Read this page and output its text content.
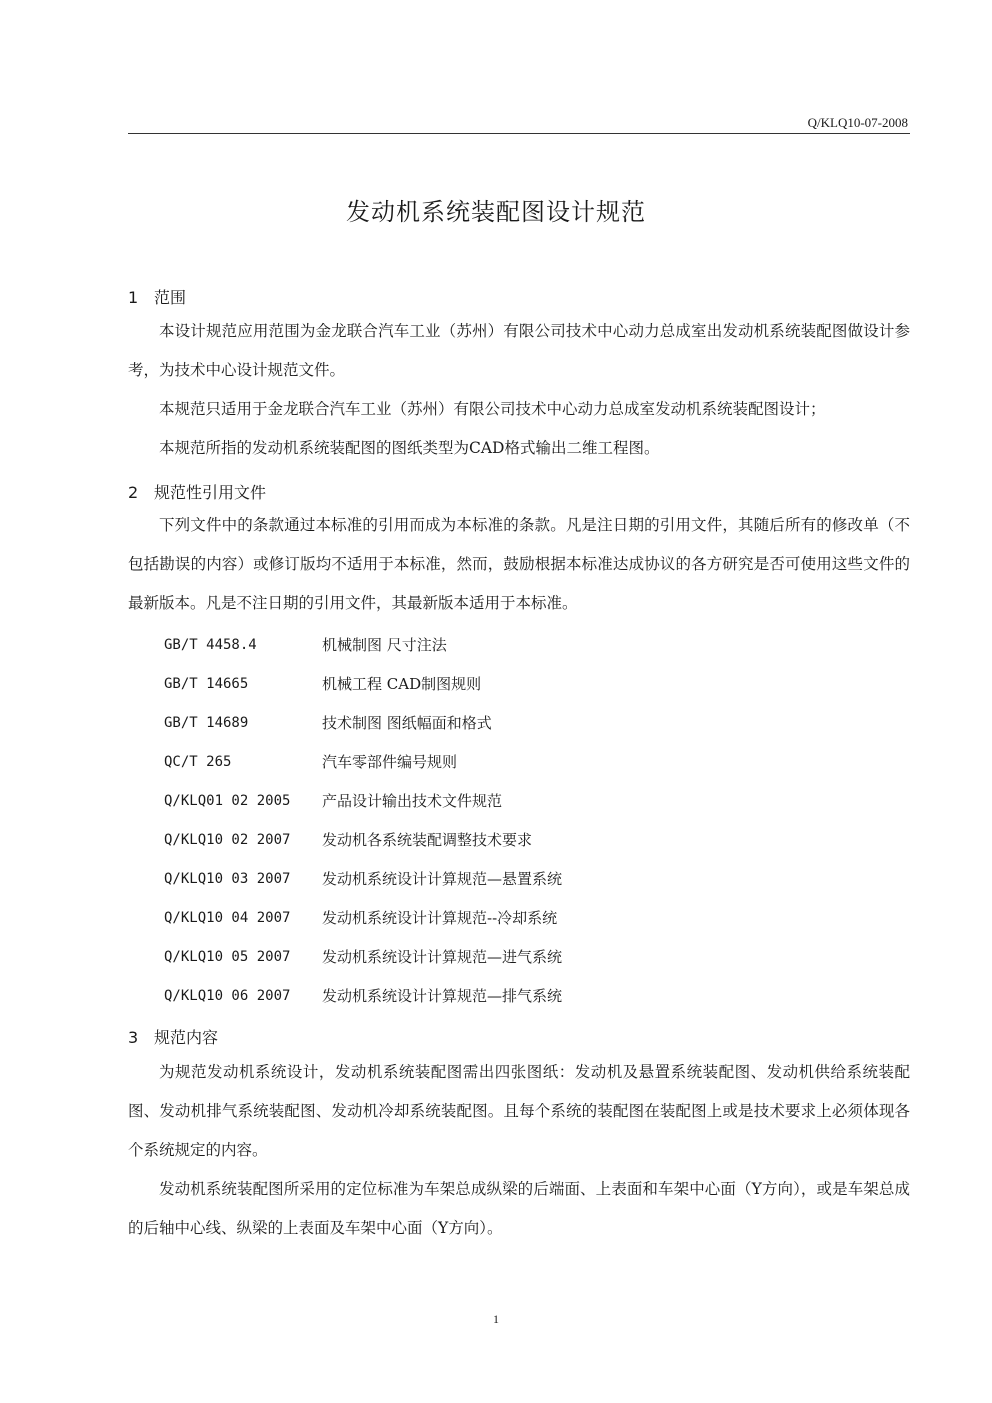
Q/KLQ10-07-2008
发动机系统装配图设计规范
1 范围
本设计规范应用范围为金龙联合汽车工业（苏州）有限公司技术中心动力总成室出发动机系统装配图做设计参考，为技术中心设计规范文件。
本规范只适用于金龙联合汽车工业（苏州）有限公司技术中心动力总成室发动机系统装配图设计；
本规范所指的发动机系统装配图的图纸类型为CAD格式输出二维工程图。
2 规范性引用文件
下列文件中的条款通过本标准的引用而成为本标准的条款。凡是注日期的引用文件，其随后所有的修改单（不包括勘误的内容）或修订版均不适用于本标准，然而，鼓励根据本标准达成协议的各方研究是否可使用这些文件的最新版本。凡是不注日期的引用文件，其最新版本适用于本标准。
GB/T 4458.4	机械制图 尺寸注法
GB/T 14665	机械工程 CAD制图规则
GB/T 14689	技术制图 图纸幅面和格式
QC/T 265	汽车零部件编号规则
Q/KLQ01 02 2005	产品设计输出技术文件规范
Q/KLQ10 02 2007	发动机各系统装配调整技术要求
Q/KLQ10 03 2007	发动机系统设计计算规范—悬置系统
Q/KLQ10 04 2007	发动机系统设计计算规范--冷却系统
Q/KLQ10 05 2007	发动机系统设计计算规范—进气系统
Q/KLQ10 06 2007	发动机系统设计计算规范—排气系统
3 规范内容
为规范发动机系统设计，发动机系统装配图需出四张图纸：发动机及悬置系统装配图、发动机供给系统装配图、发动机排气系统装配图、发动机冷却系统装配图。且每个系统的装配图在装配图上或是技术要求上必须体现各个系统规定的内容。
发动机系统装配图所采用的定位标准为车架总成纵梁的后端面、上表面和车架中心面（Y方向），或是车架总成的后轴中心线、纵梁的上表面及车架中心面（Y方向）。
1
